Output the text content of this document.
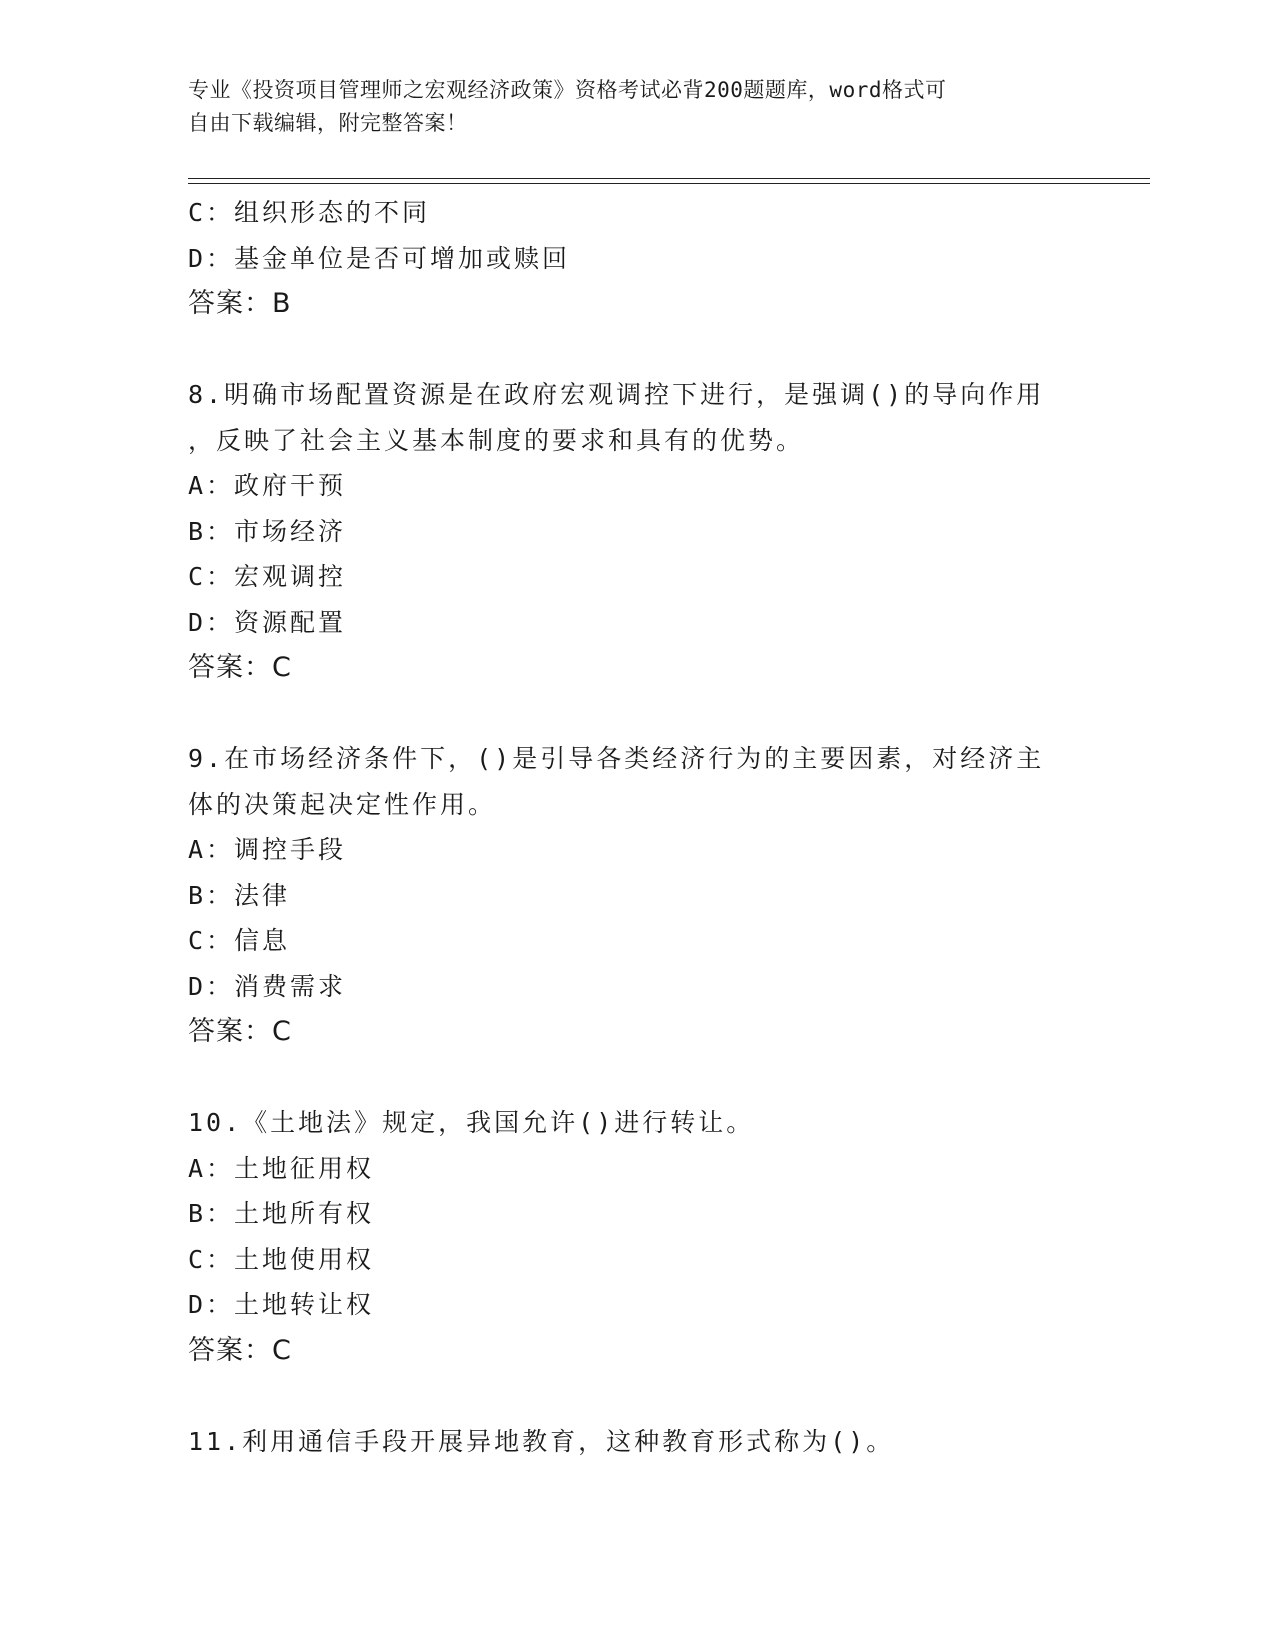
专业《投资项目管理师之宏观经济政策》资格考试必背200题题库，word格式可
自由下载编辑，附完整答案！
C：组织形态的不同
D：基金单位是否可增加或赎回
答案：B
8.明确市场配置资源是在政府宏观调控下进行，是强调()的导向作用
，反映了社会主义基本制度的要求和具有的优势。
A：政府干预
B：市场经济
C：宏观调控
D：资源配置
答案：C
9.在市场经济条件下，()是引导各类经济行为的主要因素，对经济主
体的决策起决定性作用。
A：调控手段
B：法律
C：信息
D：消费需求
答案：C
10.《土地法》规定，我国允许()进行转让。
A：土地征用权
B：土地所有权
C：土地使用权
D：土地转让权
答案：C
11.利用通信手段开展异地教育，这种教育形式称为()。
